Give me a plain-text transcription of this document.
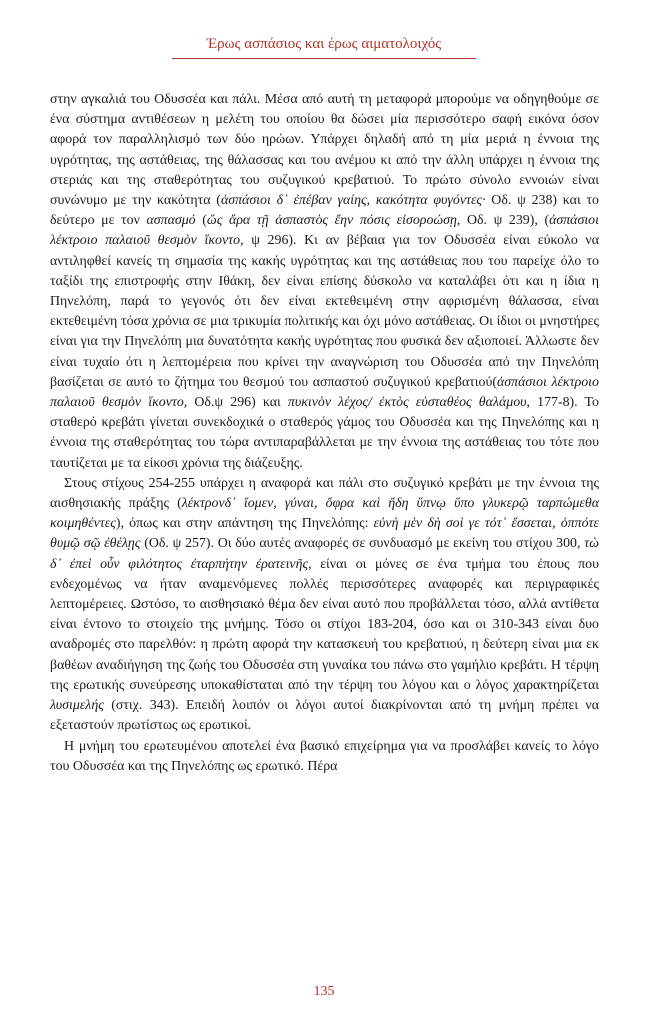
Έρως ασπάσιος και έρως αιματολοιχός

στην αγκαλιά του Οδυσσέα και πάλι. Μέσα από αυτή τη μεταφορά μπορούμε να οδηγηθούμε σε ένα σύστημα αντιθέσεων η μελέτη του οποίου θα δώσει μία περισσότερο σαφή εικόνα όσον αφορά τον παραλληλισμό των δύο ηρώων. Υπάρχει δηλαδή από τη μία μεριά η έννοια της υγρότητας, της αστάθειας, της θάλασσας και του ανέμου κι από την άλλη υπάρχει η έννοια της στεριάς και της σταθερότητας του συζυγικού κρεβατιού. Το πρώτο σύνολο εννοιών είναι συνώνυμο με την κακότητα (ἀσπάσιοι δ᾽ ἐπέβαν γαίης, κακότητα φυγόντες· Οδ. ψ 238) και το δεύτερο με τον ασπασμό (ὥς ἄρα τῇ ἀσπαστὸς ἔην πόσις εἰσοροώσῃ, Οδ. ψ 239), (ἀσπάσιοι λέκτροιο παλαιοῦ θεσμὸν ἵκοντο, ψ 296). Κι αν βέβαια για τον Οδυσσέα είναι εύκολο να αντιληφθεί κανείς τη σημασία της κακής υγρότητας και της αστάθειας που του παρείχε όλο το ταξίδι της επιστροφής στην Ιθάκη, δεν είναι επίσης δύσκολο να καταλάβει ότι και η ίδια η Πηνελόπη, παρά το γεγονός ότι δεν είναι εκτεθειμένη στην αφρισμένη θάλασσα, είναι εκτεθειμένη τόσα χρόνια σε μια τρικυμία πολιτικής και όχι μόνο αστάθειας. Οι ίδιοι οι μνηστήρες είναι για την Πηνελόπη μια δυνατότητα κακής υγρότητας που φυσικά δεν αξιοποιεί. Άλλωστε δεν είναι τυχαίο ότι η λεπτομέρεια που κρίνει την αναγνώριση του Οδυσσέα από την Πηνελόπη βασίζεται σε αυτό το ζήτημα του θεσμού του ασπαστού συζυγικού κρεβατιού(ἀσπάσιοι λέκτροιο παλαιοῦ θεσμὸν ἵκοντο, Οδ.ψ 296) και πυκινὸν λέχος/ ἐκτὸς εὐσταθέος θαλάμου, 177-8). Το σταθερό κρεβάτι γίνεται συνεκδοχικά ο σταθερός γάμος του Οδυσσέα και της Πηνελόπης και η έννοια της σταθερότητας του τώρα αντιπαραβάλλεται με την έννοια της αστάθειας του τότε που ταυτίζεται με τα είκοσι χρόνια της διάζευξης.

Στους στίχους 254-255 υπάρχει η αναφορά και πάλι στο συζυγικό κρεβάτι με την έννοια της αισθησιακής πράξης (λέκτρονδ᾽ ἴομεν, γύναι, ὄφρα καὶ ἤδη ὕπνῳ ὕπο γλυκερῷ ταρπώμεθα κοιμηθέντες), όπως και στην απάντηση της Πηνελόπης: εὐνὴ μὲν δὴ σοὶ γε τότ᾽ ἔσσεται, ὁππότε θυμῷ σῷ ἐθέλῃς (Οδ. ψ 257). Οι δύο αυτές αναφορές σε συνδυασμό με εκείνη του στίχου 300, τὼ δ᾽ ἐπεὶ οὖν φιλότητος ἐταρπήτην ἐρατεινῆς, είναι οι μόνες σε ένα τμήμα του έπους που ενδεχομένως να ήταν αναμενόμενες πολλές περισσότερες αναφορές και περιγραφικές λεπτομέρειες. Ωστόσο, το αισθησιακό θέμα δεν είναι αυτό που προβάλλεται τόσο, αλλά αντίθετα είναι έντονο το στοιχείο της μνήμης. Τόσο οι στίχοι 183-204, όσο και οι 310-343 είναι δυο αναδρομές στο παρελθόν: η πρώτη αφορά την κατασκευή του κρεβατιού, η δεύτερη είναι μια εκ βαθέων αναδιήγηση της ζωής του Οδυσσέα στη γυναίκα του πάνω στο γαμήλιο κρεβάτι. Η τέρψη της ερωτικής συνεύρεσης υποκαθίσταται από την τέρψη του λόγου και ο λόγος χαρακτηρίζεται λυσιμελής (στιχ. 343). Επειδή λοιπόν οι λόγοι αυτοί διακρίνονται από τη μνήμη πρέπει να εξεταστούν πρωτίστως ως ερωτικοί.

Η μνήμη του ερωτευμένου αποτελεί ένα βασικό επιχείρημα για να προσλάβει κανείς το λόγο του Οδυσσέα και της Πηνελόπης ως ερωτικό. Πέρα

135
